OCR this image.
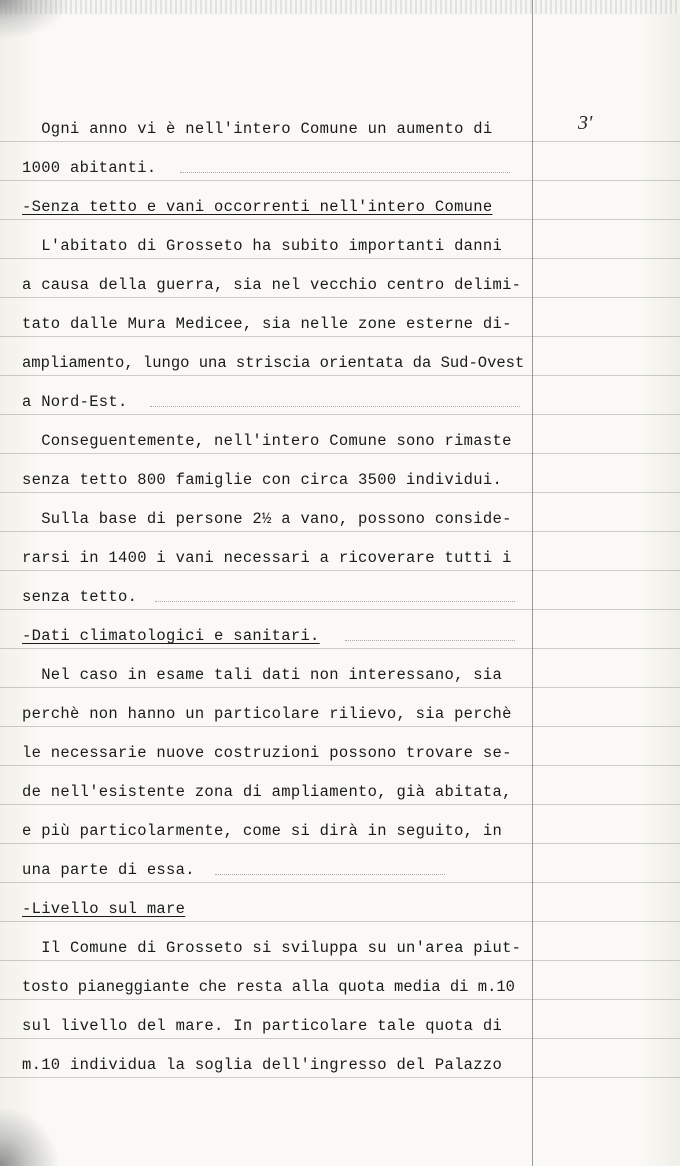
3'
Ogni anno vi è nell'intero Comune un aumento di
1000 abitanti.
-Senza tetto e vani occorrenti nell'intero Comune
L'abitato di Grosseto ha subito importanti danni
a causa della guerra, sia nel vecchio centro delimi-
tato dalle Mura Medicee, sia nelle zone esterne di-
ampliamento, lungo una striscia orientata da Sud-Ovest
a Nord-Est.
Conseguentemente, nell'intero Comune sono rimaste
senza tetto 800 famiglie con circa 3500 individui.
Sulla base di persone 2½ a vano, possono conside-
rarsi in 1400 i vani necessari a ricoverare tutti i
senza tetto.
-Dati climatologici e sanitari.
Nel caso in esame tali dati non interessano, sia
perchè non hanno un particolare rilievo, sia perchè
le necessarie nuove costruzioni possono trovare se-
de nell'esistente zona di ampliamento, già abitata,
e più particolarmente, come si dirà in seguito, in
una parte di essa.
-Livello sul mare
Il Comune di Grosseto si sviluppa su un'area piut-
tosto pianeggiante che resta alla quota media di m.10
sul livello del mare. In particolare tale quota di
m.10 individua la soglia dell'ingresso del Palazzo
